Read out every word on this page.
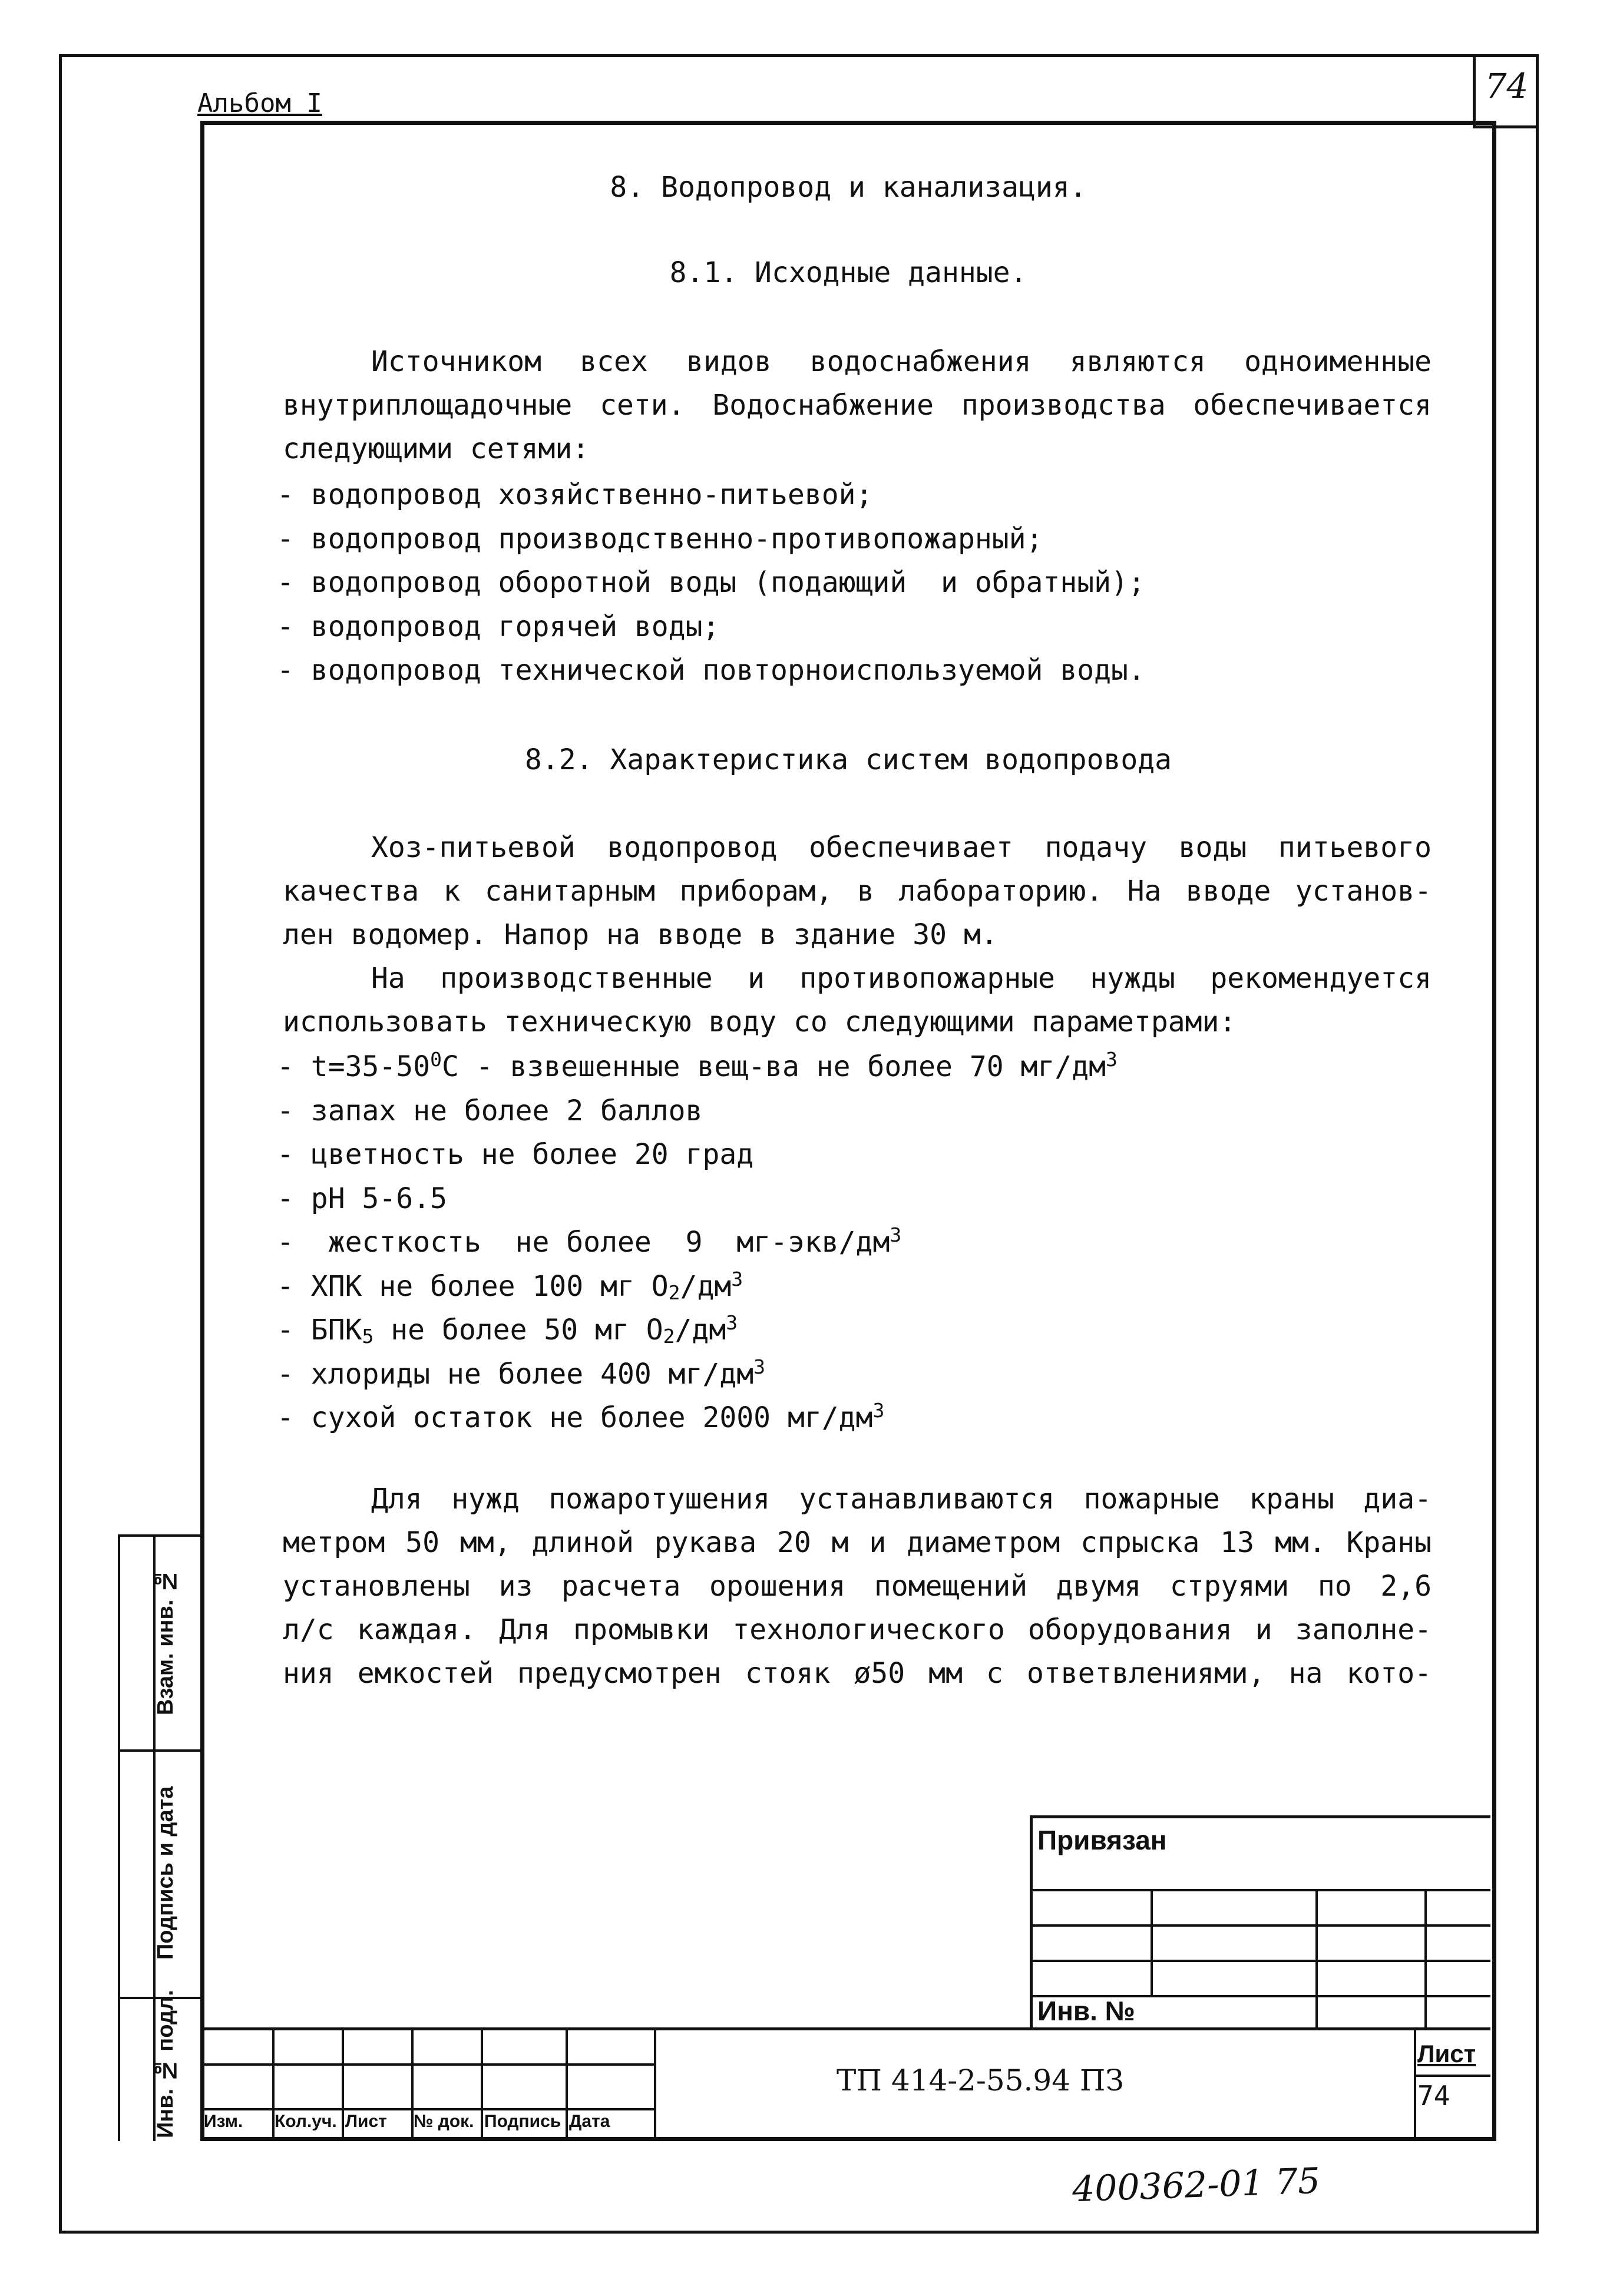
74
Альбом I
Инв. № подл.
Подпись и дата
Взам. инв. №
8. Водопровод и канализация.
8.1. Исходные данные.

Источником всех видов водоснабжения являются одноименные

внутриплощадочные сети. Водоснабжение производства обеспечивается

следующими сетями:

- водопровод хозяйственно-питьевой;
- водопровод производственно-противопожарный;
- водопровод оборотной воды (подающий  и обратный);
- водопровод горячей воды;
- водопровод технической повторноиспользуемой воды.
8.2. Характеристика систем водопровода

Хоз-питьевой водопровод обеспечивает подачу воды питьевого

качества к санитарным приборам, в лабораторию. На вводе установ-

лен водомер. Напор на вводе в здание 30 м.

На производственные и противопожарные нужды рекомендуется

использовать техническую воду со следующими параметрами:

- $t=35-50^0С$ - взвешенные вещ-ва не более 70 $мг/дм^3$
- запах не более 2 баллов
- цветность не более 20 град
- рН 5-6.5
-  жесткость  не более  9  $мг-экв/дм^3$
- ХПК не более 100 мг $О_2/дм^3$
- $БПК_5$ не более 50 мг $О_2/дм^3$
- хлориды не более 400 $мг/дм^3$
- сухой остаток не более 2000 $мг/дм^3$

Для нужд пожаротушения устанавливаются пожарные краны диа-

метром 50 мм, длиной рукава 20 м и диаметром спрыска 13 мм. Краны

установлены из расчета орошения помещений двумя струями по 2,6

л/с каждая. Для промывки технологического оборудования и заполне-

ния емкостей предусмотрен стояк ø50 мм с ответвлениями, на кото-

Привязан
Инв. №
Изм. Кол.уч. Лист № док. Подпись Дата
ТП 414-2-55.94 ПЗ
Лист
74
400362-01 75
